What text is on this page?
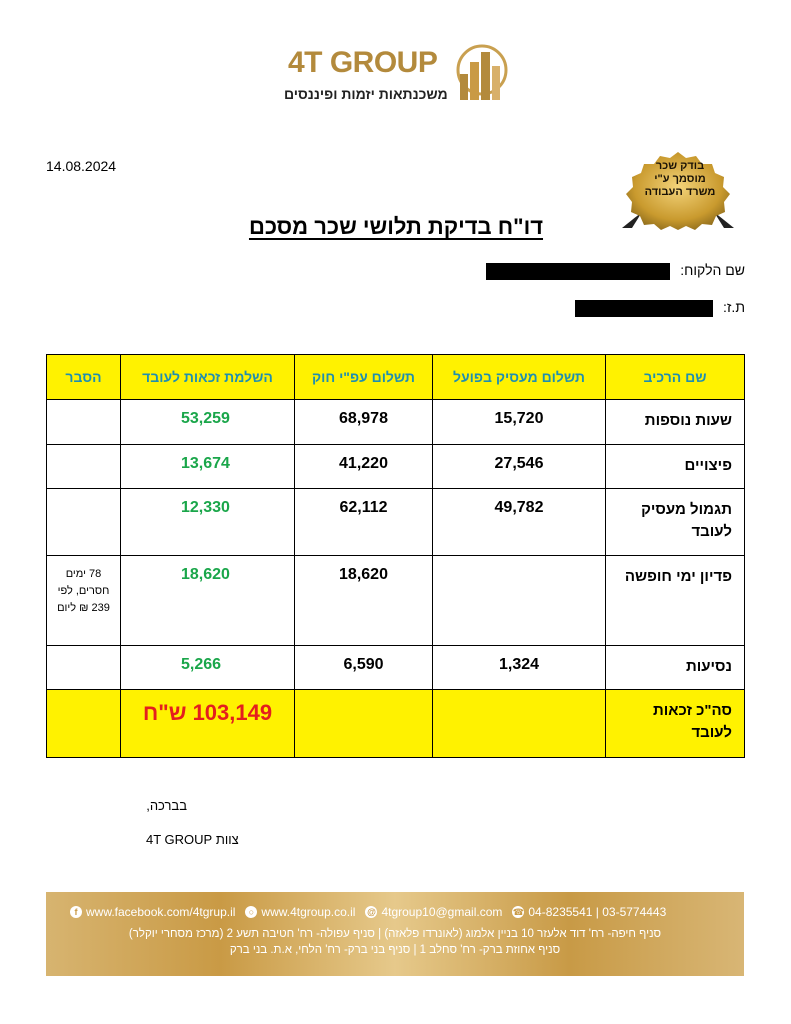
4T GROUP
משכנתאות יזמות ופיננסים
14.08.2024	בודק שכר
מוסמך ע"י
משרד העבודה
דו"ח בדיקת תלושי שכר מסכם
שם הלקוח:
ת.ז:
שם הרכיב	תשלום מעסיק בפועל	תשלום עפ"י חוק	השלמת זכאות לעובד	הסבר
שעות נוספות	15,720	68,978	53,259	
פיצויים	27,546	41,220	13,674	
תגמול מעסיק לעובד	49,782	62,112	12,330	
פדיון ימי חופשה		18,620	18,620	78 ימים חסרים, לפי 239 ₪ ליום
נסיעות	1,324	6,590	5,266	
סה"כ זכאות לעובד			103,149 ש"ח	
בברכה,
צוות 4T GROUP
f www.facebook.com/4tgrup.il	○ www.4tgroup.co.il @ 4tgroup10@gmail.com ☎ 04-8235541 | 03-5774443
סניף חיפה- רח' דוד אלעזר 10 בניין אלמוג (לאונרדו פלאזה) | סניף עפולה- רח' חטיבה תשע 2 (מרכז מסחרי יוקלר)
סניף אחוזת ברק- רח' סחלב 1 | סניף בני ברק- רח' הלחי, א.ת. בני ברק
